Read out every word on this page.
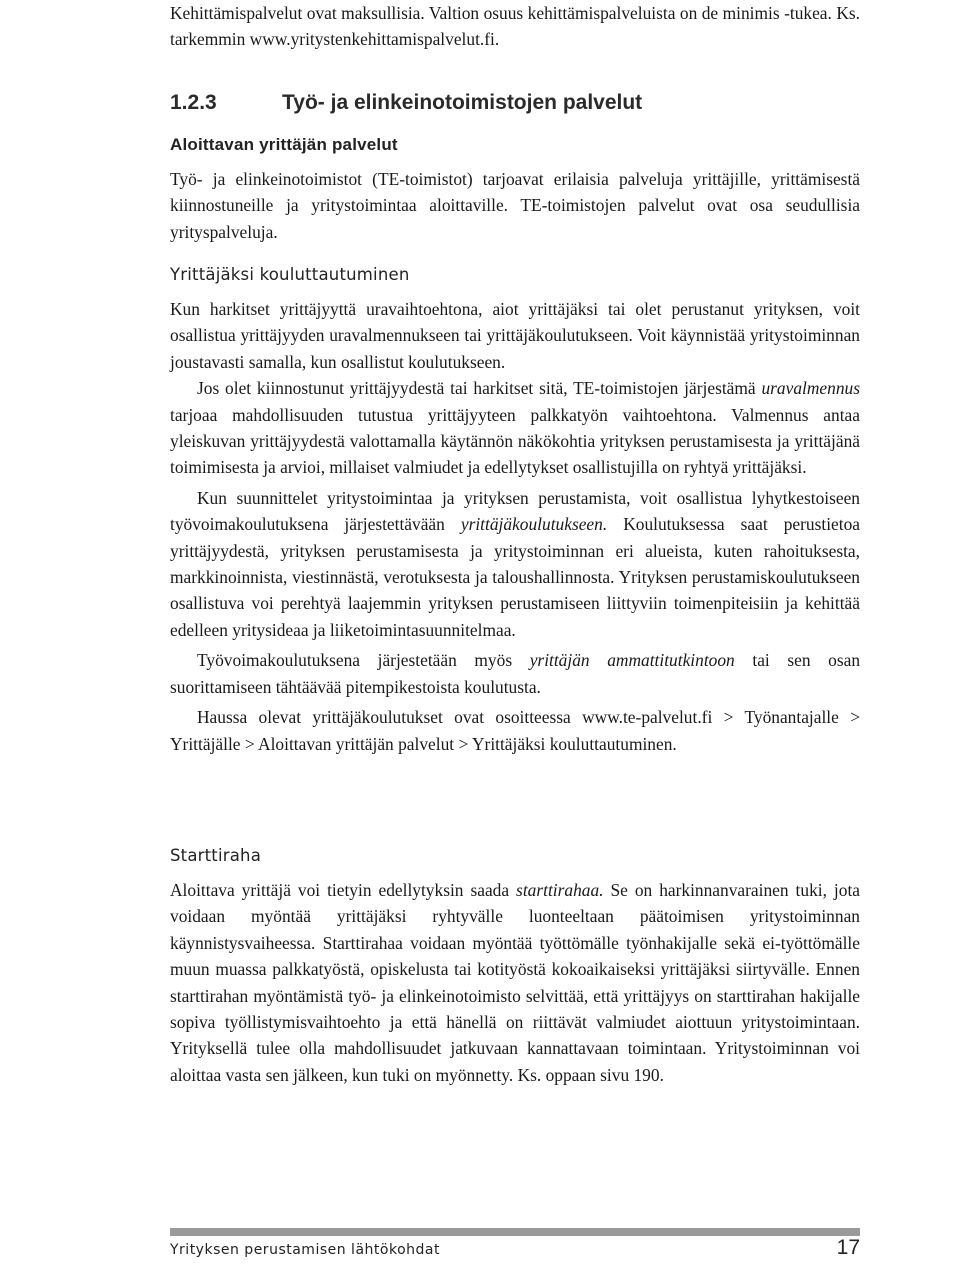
Kehittämispalvelut ovat maksullisia. Valtion osuus kehittämispalveluista on de minimis -tukea. Ks. tarkemmin www.yritystenkehittamispalvelut.fi.

1.2.3	Työ- ja elinkeinotoimistojen palvelut
Aloittavan yrittäjän palvelut

Työ- ja elinkeinotoimistot (TE-toimistot) tarjoavat erilaisia palveluja yrittäjille, yrittämisestä kiinnostuneille ja yritystoimintaa aloittaville. TE-toimistojen palvelut ovat osa seudullisia yrityspalveluja.

Yrittäjäksi kouluttautuminen

Kun harkitset yrittäjyyttä uravaihtoehtona, aiot yrittäjäksi tai olet perustanut yrityksen, voit osallistua yrittäjyyden uravalmennukseen tai yrittäjäkoulutukseen. Voit käynnistää yritystoiminnan joustavasti samalla, kun osallistut koulutukseen.

Jos olet kiinnostunut yrittäjyydestä tai harkitset sitä, TE-toimistojen järjestämä uravalmennus tarjoaa mahdollisuuden tutustua yrittäjyyteen palkkatyön vaihtoehtona. Valmennus antaa yleiskuvan yrittäjyydestä valottamalla käytännön näkökohtia yrityksen perustamisesta ja yrittäjänä toimimisesta ja arvioi, millaiset valmiudet ja edellytykset osallistujilla on ryhtyä yrittäjäksi.

Kun suunnittelet yritystoimintaa ja yrityksen perustamista, voit osallistua lyhytkestoiseen työvoimakoulutuksena järjestettävään yrittäjäkoulutukseen. Koulutuksessa saat perustietoa yrittäjyydestä, yrityksen perustamisesta ja yritystoiminnan eri alueista, kuten rahoituksesta, markkinoinnista, viestinnästä, verotuksesta ja taloushallinnosta. Yrityksen perustamiskoulutukseen osallistuva voi perehtyä laajemmin yrityksen perustamiseen liittyviin toimenpiteisiin ja kehittää edelleen yritysideaa ja liiketoimintasuunnitelmaa.

Työvoimakoulutuksena järjestetään myös yrittäjän ammattitutkintoon tai sen osan suorittamiseen tähtäävää pitempikestoista koulutusta.

Haussa olevat yrittäjäkoulutukset ovat osoitteessa www.te-palvelut.fi > Työnantajalle > Yrittäjälle > Aloittavan yrittäjän palvelut > Yrittäjäksi kouluttautuminen.

Starttiraha

Aloittava yrittäjä voi tietyin edellytyksin saada starttirahaa. Se on harkinnanvarainen tuki, jota voidaan myöntää yrittäjäksi ryhtyvälle luonteeltaan päätoimisen yritystoiminnan käynnistysvaiheessa. Starttirahaa voidaan myöntää työttömälle työnhakijalle sekä ei-työttömälle muun muassa palkkatyöstä, opiskelusta tai kotityöstä kokoaikaiseksi yrittäjäksi siirtyvälle. Ennen starttirahan myöntämistä työ- ja elinkeinotoimisto selvittää, että yrittäjyys on starttirahan hakijalle sopiva työllistymisvaihtoehto ja että hänellä on riittävät valmiudet aiottuun yritystoimintaan. Yrityksellä tulee olla mahdollisuudet jatkuvaan kannattavaan toimintaan. Yritystoiminnan voi aloittaa vasta sen jälkeen, kun tuki on myönnetty. Ks. oppaan sivu 190.

Yrityksen perustamisen lähtökohdat	17
